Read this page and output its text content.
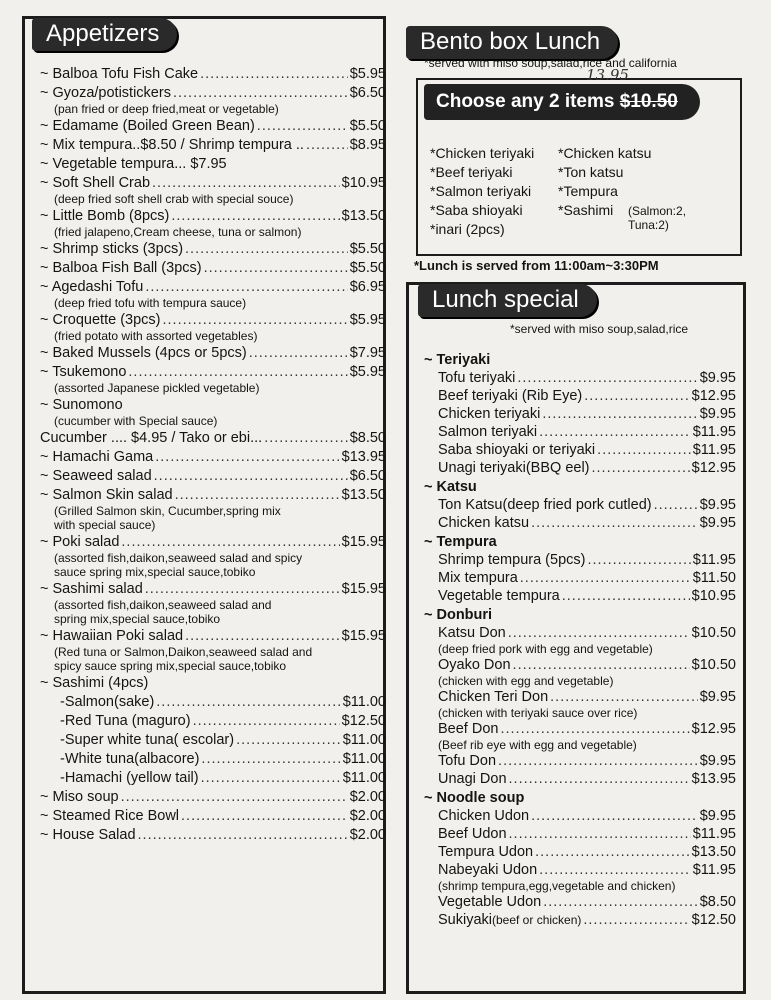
Appetizers	Bento box Lunch
*served with miso soup,salad,rice and california
13.95
Choose any 2 items $10.50
*Chicken teriyaki
*Beef teriyaki
*Salmon teriyaki
*Saba shioyaki
*inari (2pcs)
*Chicken katsu
*Ton katsu
*Tempura
*Sashimi (Salmon:2,
Tuna:2)
*Lunch is served from 11:00am~3:30PM
Lunch special
*served with miso soup,salad,rice
~ Balboa Tofu Fish Cake .....	$5.95
~ Gyoza/potistickers .....	$6.50
(pan fried or deep fried,meat or vegetable)
~ Edamame (Boiled Green Bean) .....	$5.50
~ Mix tempura..$8.50 / Shrimp tempura .. .....	$8.95
~ Vegetable tempura... $7.95
~ Soft Shell Crab .....	$10.95
(deep fried soft shell crab with special souce)
~ Little Bomb (8pcs) .....	$13.50
(fried jalapeno,Cream cheese, tuna or salmon)
~ Shrimp sticks (3pcs) .....	$5.50
~ Balboa Fish Ball (3pcs) .....	$5.50
~ Agedashi Tofu .....	$6.95
(deep fried tofu with tempura sauce)
~ Croquette (3pcs) .....	$5.95
(fried potato with assorted vegetables)
~ Baked Mussels (4pcs or 5pcs) .....	$7.95
~ Tsukemono .....	$5.95
(assorted Japanese pickled vegetable)
~ Sunomono
(cucumber with Special sauce)
Cucumber .... $4.95 / Tako or ebi... .....	$8.50
~ Hamachi Gama .....	$13.95
~ Seaweed salad .....	$6.50
~ Salmon Skin salad .....	$13.50
(Grilled Salmon skin, Cucumber,spring mix
with special sauce)
~ Poki salad .....	$15.95
(assorted fish,daikon,seaweed salad and spicy
sauce spring mix,special sauce,tobiko
~ Sashimi salad .....	$15.95
(assorted fish,daikon,seaweed salad and
spring mix,special sauce,tobiko
~ Hawaiian Poki salad .....	$15.95
(Red tuna or Salmon,Daikon,seaweed salad and
spicy sauce spring mix,special sauce,tobiko
~ Sashimi (4pcs)
-Salmon(sake) .....	$11.00
-Red Tuna (maguro) .....	$12.50
-Super white tuna( escolar) .....	$11.00
-White tuna(albacore) .....	$11.00
-Hamachi (yellow tail) .....	$11.00
~ Miso soup .....	$2.00
~ Steamed Rice Bowl .....	$2.00
~ House Salad .....	$2.00
~ Teriyaki
Tofu teriyaki .....	$9.95
Beef teriyaki (Rib Eye) .....	$12.95
Chicken teriyaki .....	$9.95
Salmon teriyaki .....	$11.95
Saba shioyaki or teriyaki .....	$11.95
Unagi teriyaki(BBQ eel) .....	$12.95
~ Katsu
Ton Katsu(deep fried pork cutled) .....	$9.95
Chicken katsu .....	$9.95
~ Tempura
Shrimp tempura (5pcs) .....	$11.95
Mix tempura .....	$11.50
Vegetable tempura .....	$10.95
~ Donburi
Katsu Don .....	$10.50
(deep fried pork with egg and vegetable)
Oyako Don .....	$10.50
(chicken with egg and vegetable)
Chicken Teri Don .....	$9.95
(chicken with teriyaki sauce over rice)
Beef Don .....	$12.95
(Beef rib eye with egg and vegetable)
Tofu Don .....	$9.95
Unagi Don .....	$13.95
~ Noodle soup
Chicken Udon .....	$9.95
Beef Udon .....	$11.95
Tempura Udon .....	$13.50
Nabeyaki Udon .....	$11.95
(shrimp tempura,egg,vegetable and chicken)
Vegetable Udon .....	$8.50
Sukiyaki (beef or chicken) .....	$12.50
